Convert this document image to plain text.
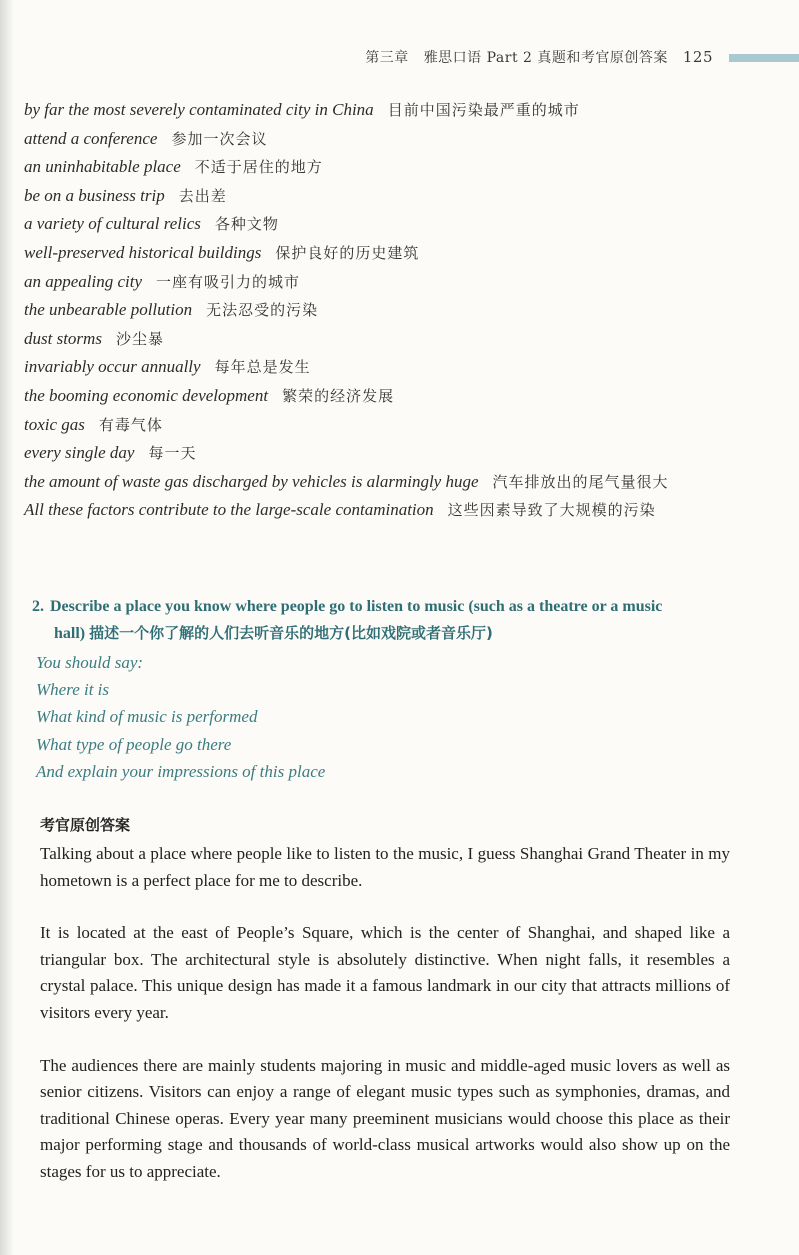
第三章 雅思口语 Part 2 真题和考官原创答案 125
by far the most severely contaminated city in China 目前中国污染最严重的城市
attend a conference 参加一次会议
an uninhabitable place 不适于居住的地方
be on a business trip 去出差
a variety of cultural relics 各种文物
well-preserved historical buildings 保护良好的历史建筑
an appealing city 一座有吸引力的城市
the unbearable pollution 无法忍受的污染
dust storms 沙尘暴
invariably occur annually 每年总是发生
the booming economic development 繁荣的经济发展
toxic gas 有毒气体
every single day 每一天
the amount of waste gas discharged by vehicles is alarmingly huge 汽车排放出的尾气量很大
All these factors contribute to the large-scale contamination 这些因素导致了大规模的污染
2. Describe a place you know where people go to listen to music (such as a theatre or a music
hall) 描述一个你了解的人们去听音乐的地方(比如戏院或者音乐厅)
You should say:
Where it is
What kind of music is performed
What type of people go there
And explain your impressions of this place
考官原创答案

Talking about a place where people like to listen to the music, I guess Shanghai Grand Theater in my hometown is a perfect place for me to describe.

It is located at the east of People’s Square, which is the center of Shanghai, and shaped like a triangular box. The architectural style is absolutely distinctive. When night falls, it resembles a crystal palace. This unique design has made it a famous landmark in our city that attracts millions of visitors every year.

The audiences there are mainly students majoring in music and middle-aged music lovers as well as senior citizens. Visitors can enjoy a range of elegant music types such as symphonies, dramas, and traditional Chinese operas. Every year many preeminent musicians would choose this place as their major performing stage and thousands of world-class musical artworks would also show up on the stages for us to appreciate.
